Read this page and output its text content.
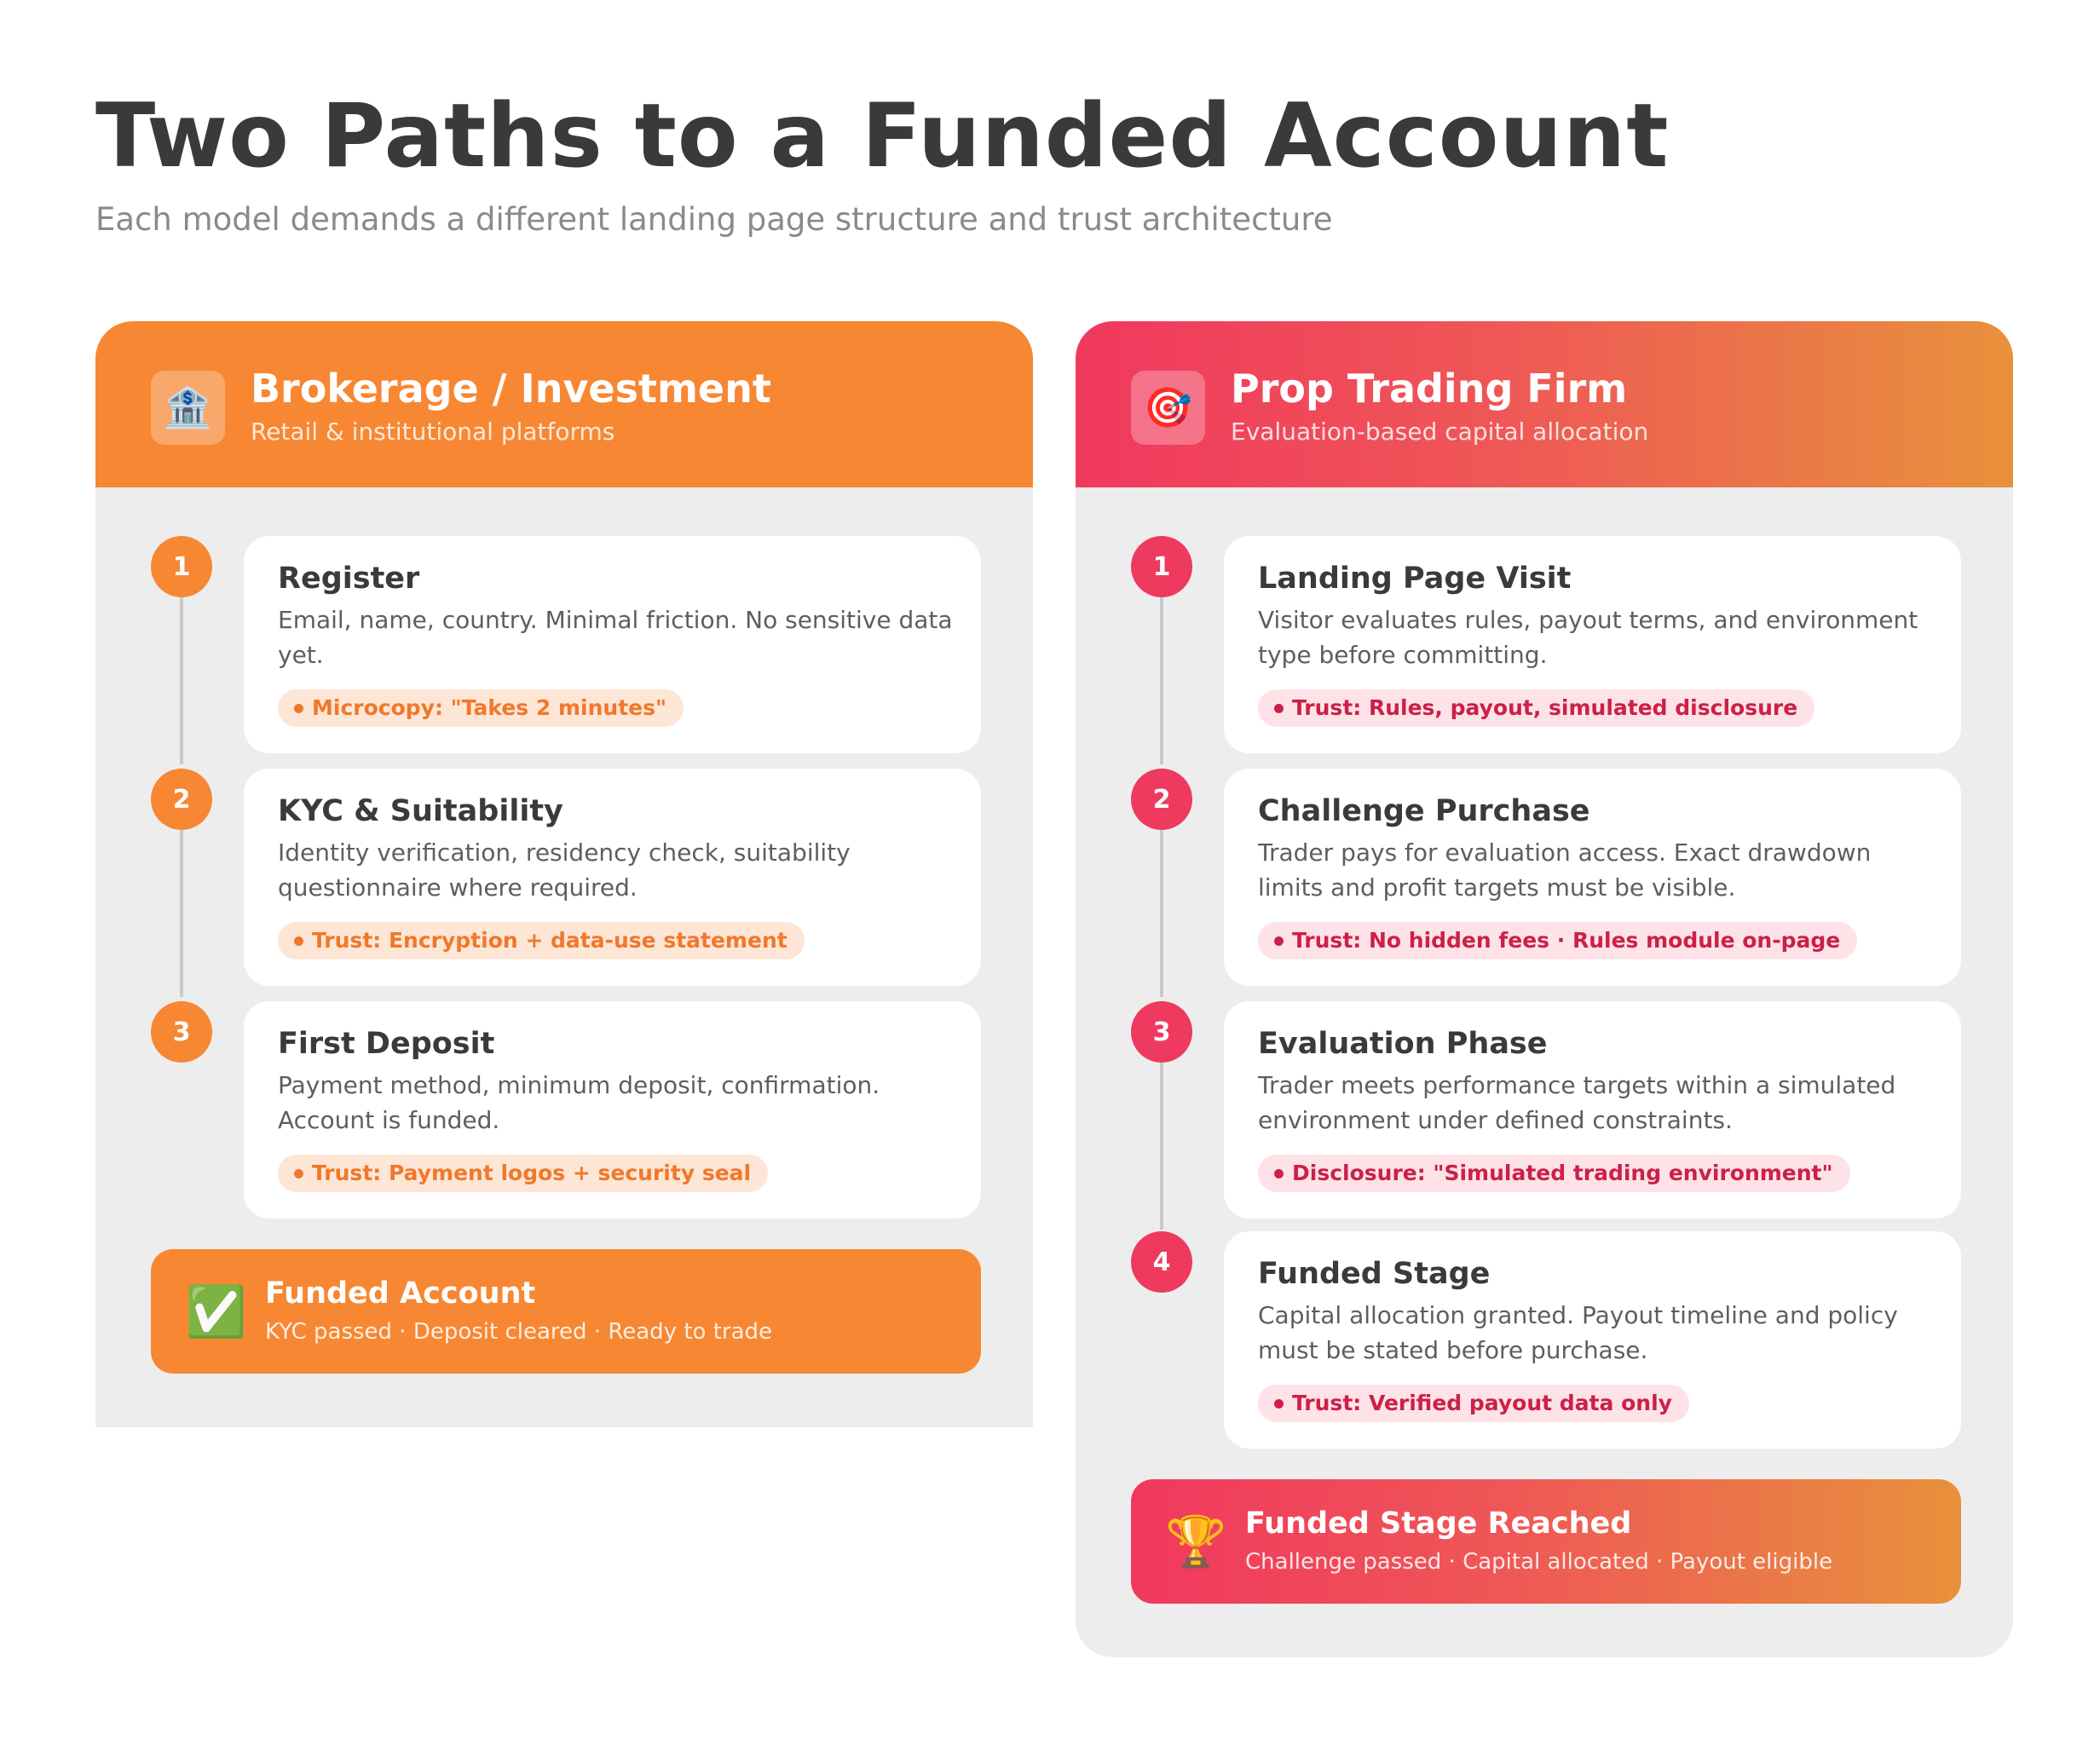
Two Paths to a Funded Account

Each model demands a different landing page structure and trust architecture

🏦 Brokerage / Investment
Retail & institutional platforms
1	Register
Email, name, country. Minimal friction. No sensitive data yet.
Microcopy: "Takes 2 minutes"
2	KYC & Suitability
Identity verification, residency check, suitability questionnaire where required.
Trust: Encryption + data-use statement
3	First Deposit
Payment method, minimum deposit, confirmation. Account is funded.
Trust: Payment logos + security seal
✅ Funded Account
KYC passed · Deposit cleared · Ready to trade
🎯 Prop Trading Firm
Evaluation-based capital allocation
1	Landing Page Visit
Visitor evaluates rules, payout terms, and environment type before committing.
Trust: Rules, payout, simulated disclosure
2	Challenge Purchase
Trader pays for evaluation access. Exact drawdown limits and profit targets must be visible.
Trust: No hidden fees · Rules module on-page
3	Evaluation Phase
Trader meets performance targets within a simulated environment under defined constraints.
Disclosure: "Simulated trading environment"
4	Funded Stage
Capital allocation granted. Payout timeline and policy must be stated before purchase.
Trust: Verified payout data only
🏆 Funded Stage Reached
Challenge passed · Capital allocated · Payout eligible
